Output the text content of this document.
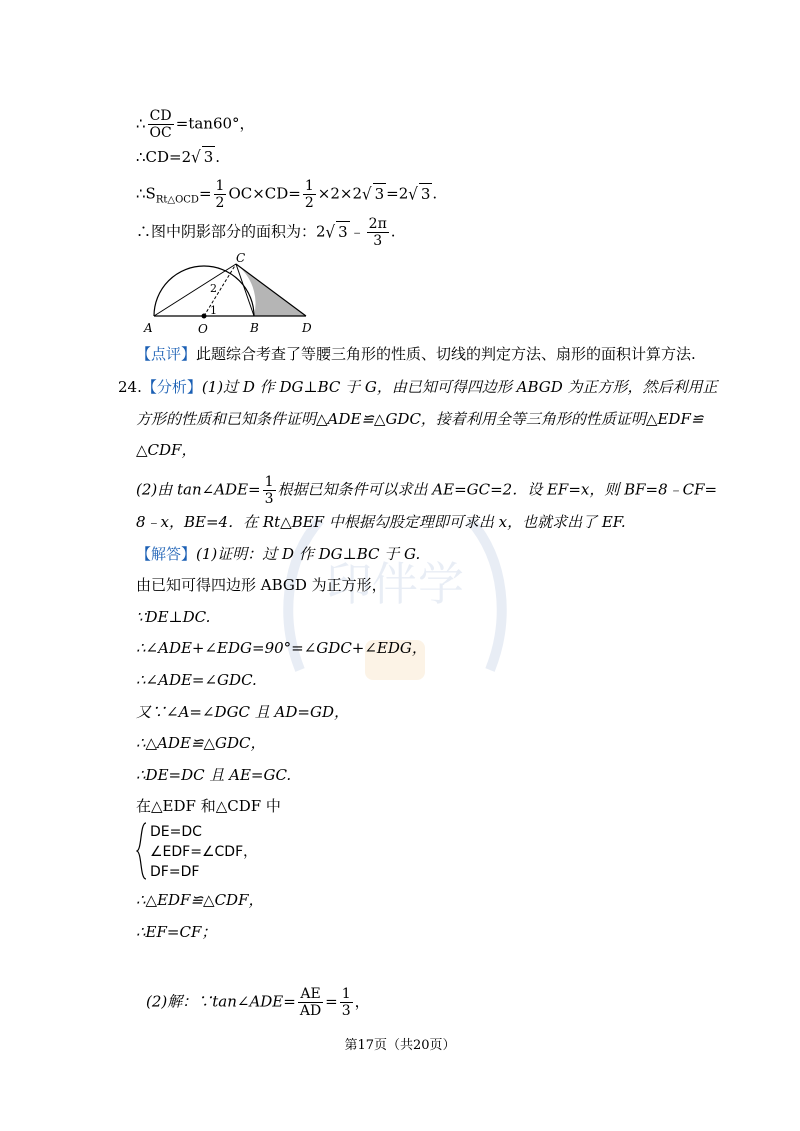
∴ $\frac{CD}{OC} =\tan 60^\circ$，
∴CD=2√ 3 .
$\therefore S_{Rt\triangle OCD}= \frac{1}{2} OC\times CD= \frac{1}{2} \times 2\times 2√$ 3 =2√ 3 .
∴图中阴影部分的面积为：2√ 3 ﹣ $\frac{2\pi}{3}$ .
A	O	B	D
C
2
1
【点评】此题综合考查了等腰三角形的性质、切线的判定方法、扇形的面积计算方法.
印伴学
24.【分析】(1)过 D 作 DG⊥BC 于 G，由已知可得四边形 ABGD 为正方形，然后利用正
方形的性质和已知条件证明△ADE≌△GDC，接着利用全等三角形的性质证明△EDF≌
△CDF，
(2)由 tan∠ADE= $\frac{1}{3}$ 根据已知条件可以求出 AE=GC=2．设 EF=x，则 BF=8﹣CF=
8﹣x，BE=4．在 Rt△BEF 中根据勾股定理即可求出 x，也就求出了 EF.
【解答】(1)证明：过 D 作 DG⊥BC 于 G.
由已知可得四边形 ABGD 为正方形，
∵DE⊥DC.
∴∠ADE+∠EDG=90°=∠GDC+∠EDG，
∴∠ADE=∠GDC.
又∵∠A=∠DGC 且 AD=GD，
∴△ADE≌△GDC，
∴DE=DC 且 AE=GC.
在△EDF 和△CDF 中
DE=DC
∠EDF=∠CDF，
DF=DF
∴△EDF≌△CDF，
∴EF=CF；
(2)解：∵tan∠ADE= $\frac{AE}{AD} = \frac{1}{3}$ ，
第17页（共20页）
